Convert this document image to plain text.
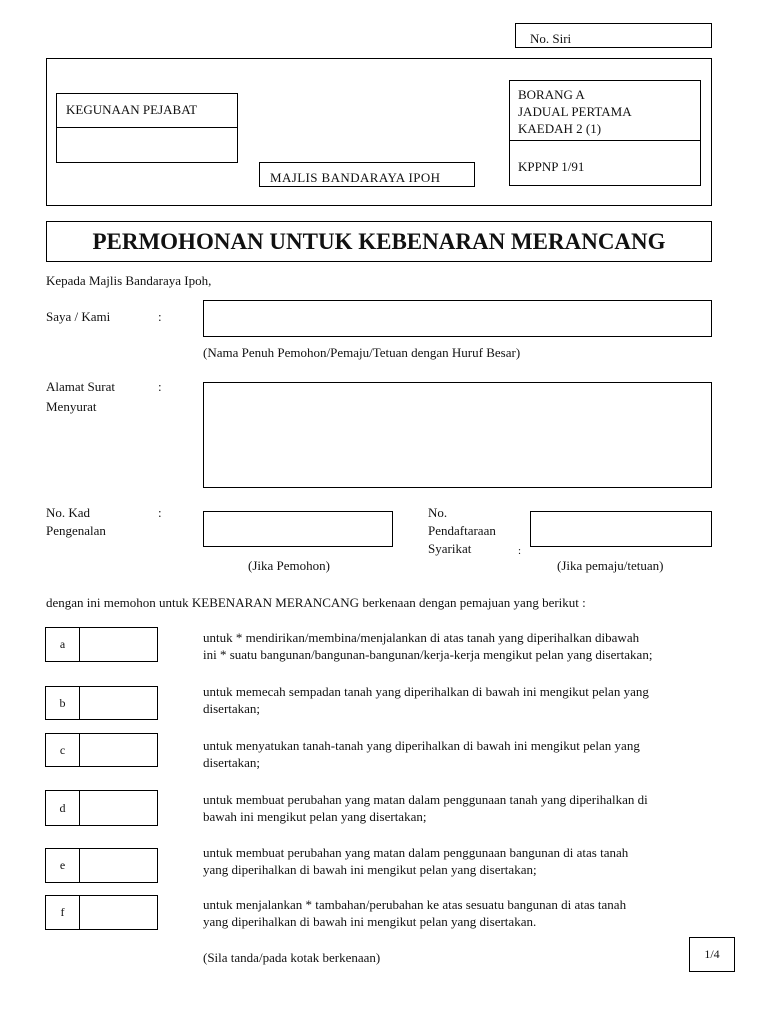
No. Siri
KEGUNAAN PEJABAT
MAJLIS BANDARAYA IPOH
BORANG A
JADUAL PERTAMA
KAEDAH 2 (1)
KPPNP 1/91
PERMOHONAN UNTUK KEBENARAN MERANCANG
Kepada Majlis Bandaraya Ipoh,
Saya / Kami	:
(Nama Penuh Pemohon/Pemaju/Tetuan dengan Huruf Besar)
Alamat Surat
Menyurat
:
No. Kad
Pengenalan
:
(Jika Pemohon)
No.
Pendaftaraan
Syarikat	:
(Jika pemaju/tetuan)
dengan ini memohon untuk KEBENARAN MERANCANG berkenaan dengan pemajuan yang berikut :
a	untuk * mendirikan/membina/menjalankan di atas tanah yang diperihalkan dibawah
ini * suatu bangunan/bangunan-bangunan/kerja-kerja mengikut pelan yang disertakan;
b
untuk memecah sempadan tanah yang diperihalkan di bawah ini mengikut pelan yang
disertakan;
c	untuk menyatukan tanah-tanah yang diperihalkan di bawah ini mengikut pelan yang
disertakan;
d
untuk membuat perubahan yang matan dalam penggunaan tanah yang diperihalkan di
bawah ini mengikut pelan yang disertakan;
e
untuk membuat perubahan yang matan dalam penggunaan bangunan di atas tanah
yang diperihalkan di bawah ini mengikut pelan yang disertakan;
f	untuk menjalankan * tambahan/perubahan ke atas sesuatu bangunan di atas tanah
yang diperihalkan di bawah ini mengikut pelan yang disertakan.
(Sila tanda/pada kotak berkenaan)	1/4
